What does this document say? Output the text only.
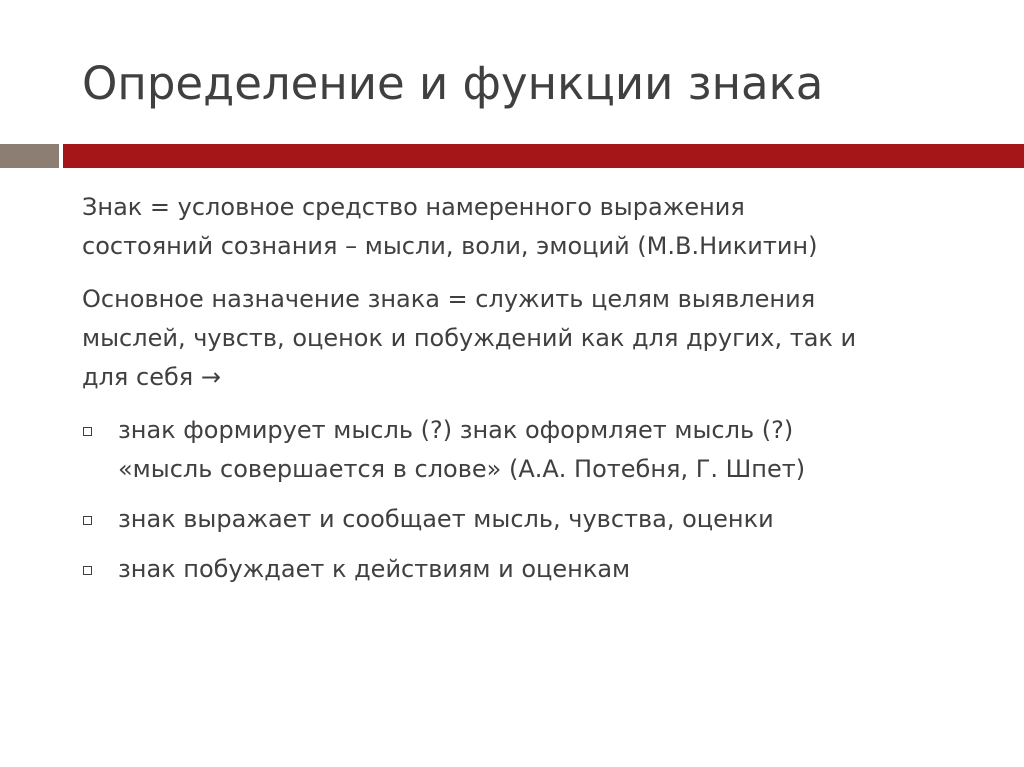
Определение и функции знака

Знак = условное средство намеренного выражения
состояний сознания – мысли, воли, эмоций (М.В.Никитин)

Основное назначение знака = служить целям выявления
мыслей, чувств, оценок и побуждений как для других, так и
для себя →

знак формирует мысль (?) знак оформляет мысль (?)
«мысль совершается в слове» (А.А. Потебня, Г. Шпет)
знак выражает и сообщает мысль, чувства, оценки
знак побуждает к действиям и оценкам
